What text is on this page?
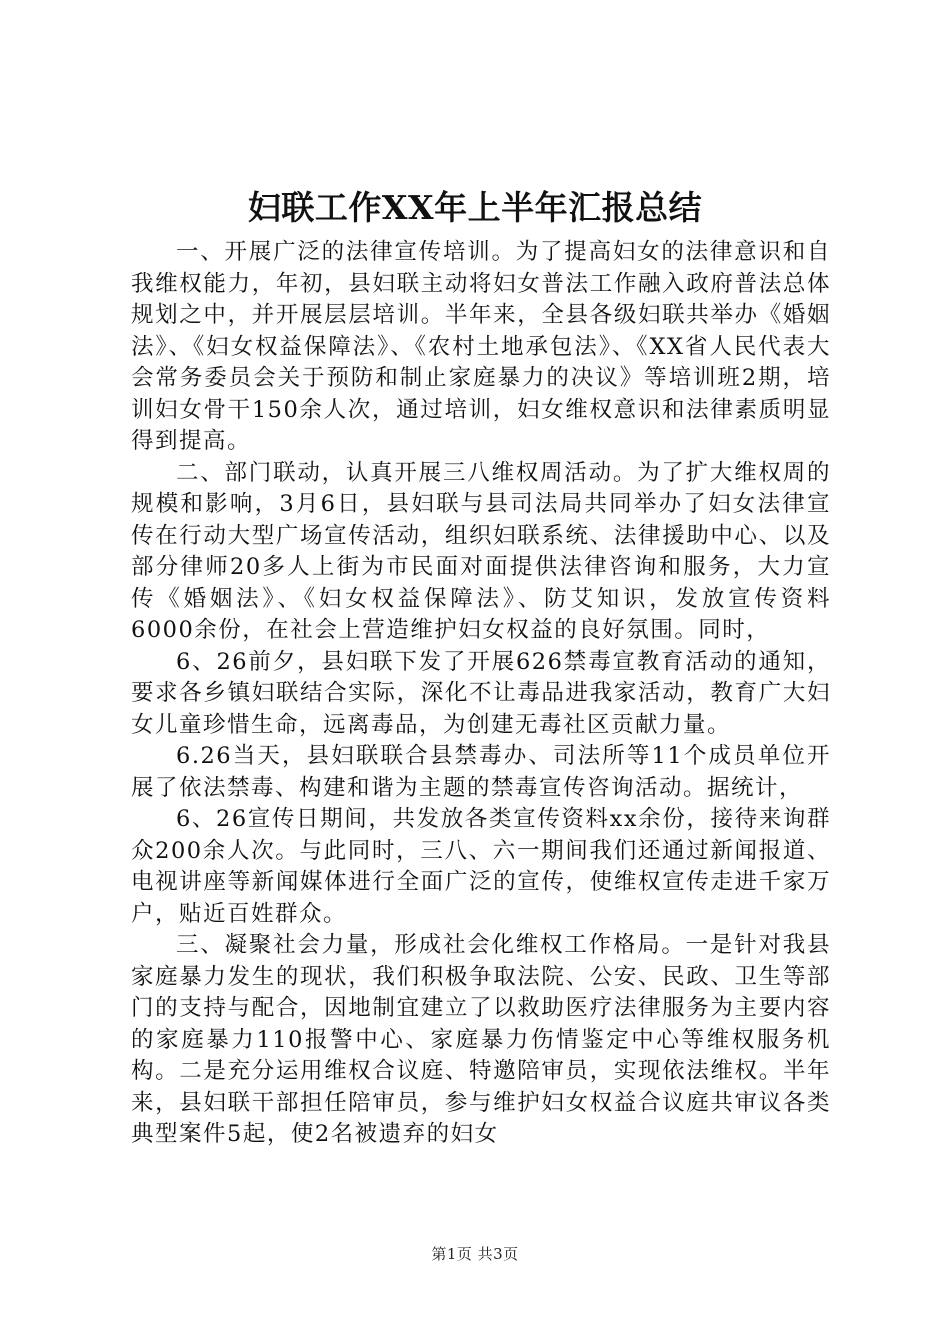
妇联工作XX年上半年汇报总结

一、开展广泛的法律宣传培训。为了提高妇女的法律意识和自我维权能力，年初，县妇联主动将妇女普法工作融入政府普法总体规划之中，并开展层层培训。半年来，全县各级妇联共举办《婚姻法》、《妇女权益保障法》、《农村土地承包法》、《XX省人民代表大会常务委员会关于预防和制止家庭暴力的决议》等培训班2期，培训妇女骨干150余人次，通过培训，妇女维权意识和法律素质明显得到提高。

二、部门联动，认真开展三八维权周活动。为了扩大维权周的规模和影响，3月6日，县妇联与县司法局共同举办了妇女法律宣传在行动大型广场宣传活动，组织妇联系统、法律援助中心、以及部分律师20多人上街为市民面对面提供法律咨询和服务，大力宣传《婚姻法》、《妇女权益保障法》、防艾知识，发放宣传资料6000余份，在社会上营造维护妇女权益的良好氛围。同时，

6、26前夕，县妇联下发了开展626禁毒宣教育活动的通知，要求各乡镇妇联结合实际，深化不让毒品进我家活动，教育广大妇女儿童珍惜生命，远离毒品，为创建无毒社区贡献力量。

6.26当天，县妇联联合县禁毒办、司法所等11个成员单位开展了依法禁毒、构建和谐为主题的禁毒宣传咨询活动。据统计，

6、26宣传日期间，共发放各类宣传资料xx余份，接待来询群众200余人次。与此同时，三八、六一期间我们还通过新闻报道、电视讲座等新闻媒体进行全面广泛的宣传，使维权宣传走进千家万户，贴近百姓群众。

三、凝聚社会力量，形成社会化维权工作格局。一是针对我县家庭暴力发生的现状，我们积极争取法院、公安、民政、卫生等部门的支持与配合，因地制宜建立了以救助医疗法律服务为主要内容的家庭暴力110报警中心、家庭暴力伤情鉴定中心等维权服务机构。二是充分运用维权合议庭、特邀陪审员，实现依法维权。半年来，县妇联干部担任陪审员，参与维护妇女权益合议庭共审议各类典型案件5起，使2名被遗弃的妇女

第1页 共3页
